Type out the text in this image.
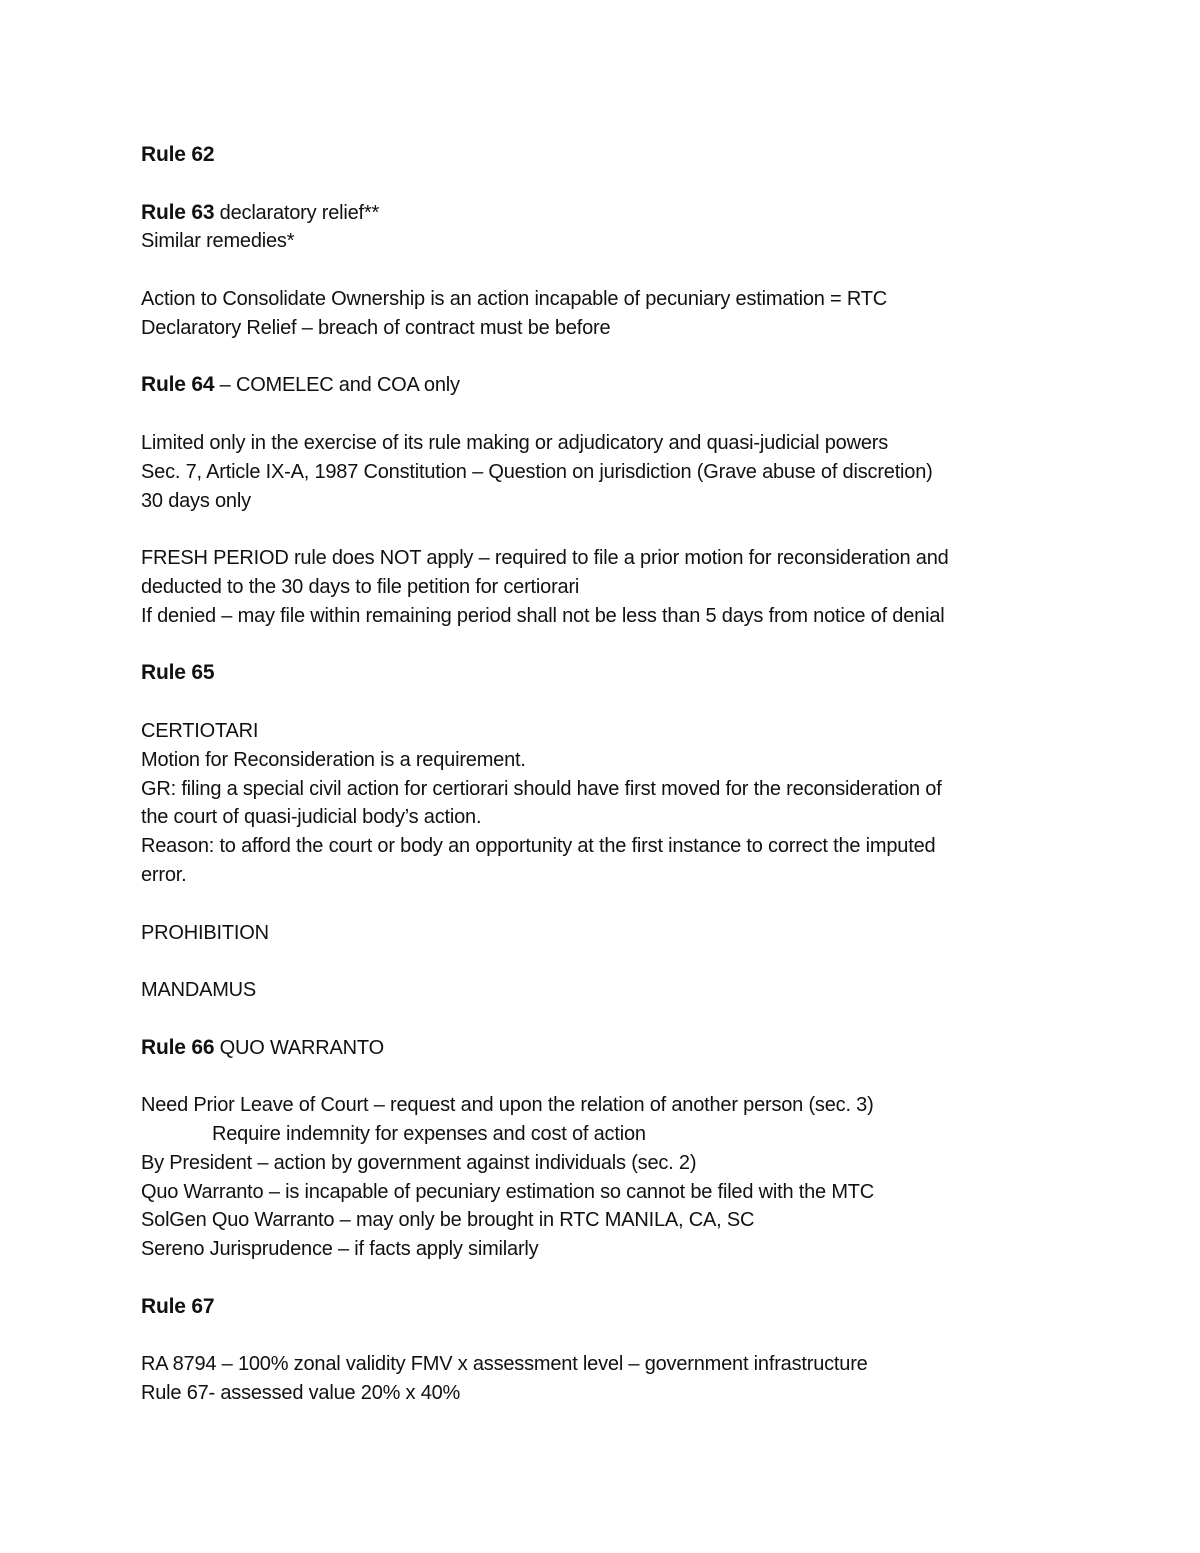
Rule 62
Rule 63 declaratory relief**
Similar remedies*
Action to Consolidate Ownership is an action incapable of pecuniary estimation = RTC
Declaratory Relief – breach of contract must be before
Rule 64 – COMELEC and COA only
Limited only in the exercise of its rule making or adjudicatory and quasi-judicial powers
Sec. 7, Article IX-A, 1987 Constitution – Question on jurisdiction (Grave abuse of discretion)
30 days only
FRESH PERIOD rule does NOT apply – required to file a prior motion for reconsideration and
deducted to the 30 days to file petition for certiorari
If denied – may file within remaining period shall not be less than 5 days from notice of denial
Rule 65
CERTIOTARI
Motion for Reconsideration is a requirement.
GR: filing a special civil action for certiorari should have first moved for the reconsideration of
the court of quasi-judicial body’s action.
Reason: to afford the court or body an opportunity at the first instance to correct the imputed
error.
PROHIBITION
MANDAMUS
Rule 66 QUO WARRANTO
Need Prior Leave of Court – request and upon the relation of another person (sec. 3)
Require indemnity for expenses and cost of action
By President – action by government against individuals (sec. 2)
Quo Warranto – is incapable of pecuniary estimation so cannot be filed with the MTC
SolGen Quo Warranto – may only be brought in RTC MANILA, CA, SC
Sereno Jurisprudence – if facts apply similarly
Rule 67
RA 8794 – 100% zonal validity FMV x assessment level – government infrastructure
Rule 67- assessed value 20% x 40%
